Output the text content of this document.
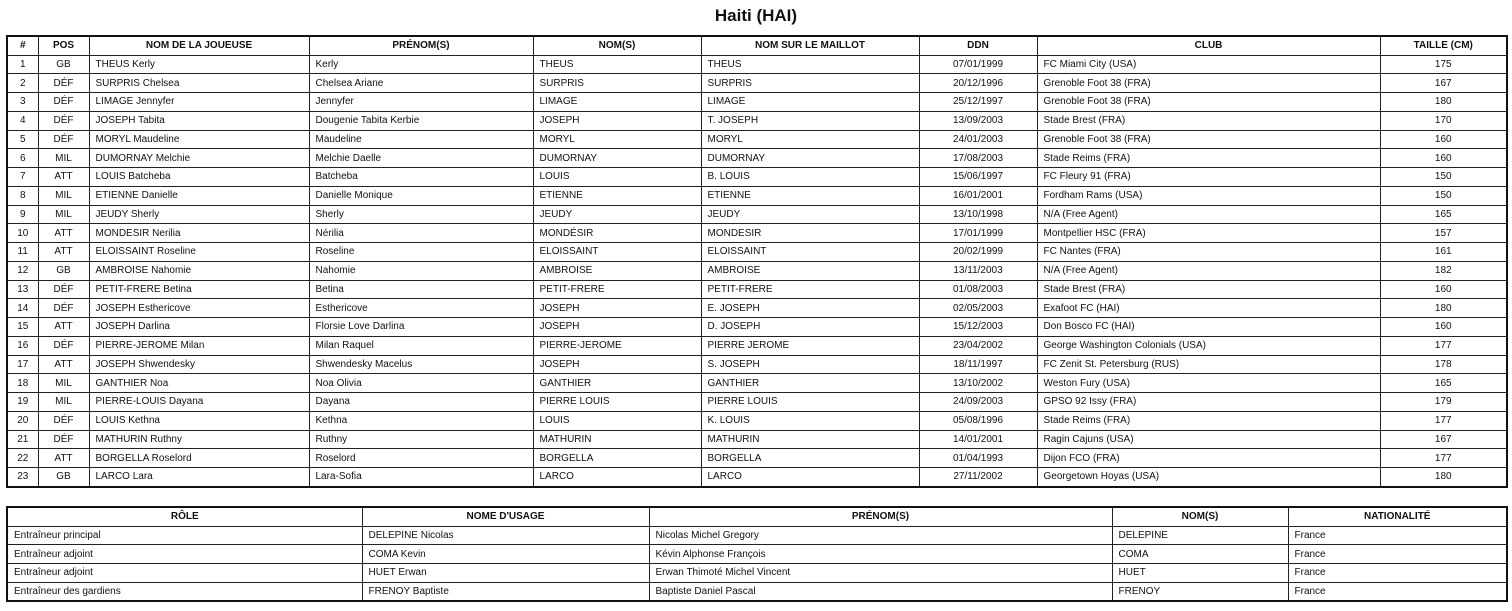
Haiti (HAI)
#	POS	NOM DE LA JOUEUSE	PRÉNOM(S)	NOM(S)	NOM SUR LE MAILLOT	DDN	CLUB	TAILLE (CM)
1	GB	THEUS Kerly	Kerly	THEUS	THEUS	07/01/1999	FC Miami City (USA)	175
2	DÉF	SURPRIS Chelsea	Chelsea Ariane	SURPRIS	SURPRIS	20/12/1996	Grenoble Foot 38 (FRA)	167
3	DÉF	LIMAGE Jennyfer	Jennyfer	LIMAGE	LIMAGE	25/12/1997	Grenoble Foot 38 (FRA)	180
4	DÉF	JOSEPH Tabita	Dougenie Tabita Kerbie	JOSEPH	T. JOSEPH	13/09/2003	Stade Brest (FRA)	170
5	DÉF	MORYL Maudeline	Maudeline	MORYL	MORYL	24/01/2003	Grenoble Foot 38 (FRA)	160
6	MIL	DUMORNAY Melchie	Melchie Daelle	DUMORNAY	DUMORNAY	17/08/2003	Stade Reims (FRA)	160
7	ATT	LOUIS Batcheba	Batcheba	LOUIS	B. LOUIS	15/06/1997	FC Fleury 91 (FRA)	150
8	MIL	ETIENNE Danielle	Danielle Monique	ETIENNE	ETIENNE	16/01/2001	Fordham Rams (USA)	150
9	MIL	JEUDY Sherly	Sherly	JEUDY	JEUDY	13/10/1998	N/A (Free Agent)	165
10	ATT	MONDESIR Nerilia	Nérilia	MONDÉSIR	MONDESIR	17/01/1999	Montpellier HSC (FRA)	157
11	ATT	ELOISSAINT Roseline	Roseline	ELOISSAINT	ELOISSAINT	20/02/1999	FC Nantes (FRA)	161
12	GB	AMBROISE Nahomie	Nahomie	AMBROISE	AMBROISE	13/11/2003	N/A (Free Agent)	182
13	DÉF	PETIT-FRERE Betina	Betina	PETIT-FRERE	PETIT-FRERE	01/08/2003	Stade Brest (FRA)	160
14	DÉF	JOSEPH Esthericove	Esthericove	JOSEPH	E. JOSEPH	02/05/2003	Exafoot FC (HAI)	180
15	ATT	JOSEPH Darlina	Florsie Love Darlina	JOSEPH	D. JOSEPH	15/12/2003	Don Bosco FC (HAI)	160
16	DÉF	PIERRE-JEROME Milan	Milan Raquel	PIERRE-JEROME	PIERRE JEROME	23/04/2002	George Washington Colonials (USA)	177
17	ATT	JOSEPH Shwendesky	Shwendesky Macelus	JOSEPH	S. JOSEPH	18/11/1997	FC Zenit St. Petersburg (RUS)	178
18	MIL	GANTHIER Noa	Noa Olivia	GANTHIER	GANTHIER	13/10/2002	Weston Fury (USA)	165
19	MIL	PIERRE-LOUIS Dayana	Dayana	PIERRE LOUIS	PIERRE LOUIS	24/09/2003	GPSO 92 Issy (FRA)	179
20	DÉF	LOUIS Kethna	Kethna	LOUIS	K. LOUIS	05/08/1996	Stade Reims (FRA)	177
21	DÉF	MATHURIN Ruthny	Ruthny	MATHURIN	MATHURIN	14/01/2001	Ragin Cajuns (USA)	167
22	ATT	BORGELLA Roselord	Roselord	BORGELLA	BORGELLA	01/04/1993	Dijon FCO (FRA)	177
23	GB	LARCO Lara	Lara-Sofia	LARCO	LARCO	27/11/2002	Georgetown Hoyas (USA)	180
RÔLE	NOME D'USAGE	PRÉNOM(S)	NOM(S)	NATIONALITÉ
Entraîneur principal	DELEPINE Nicolas	Nicolas Michel Gregory	DELEPINE	France
Entraîneur adjoint	COMA Kevin	Kévin Alphonse François	COMA	France
Entraîneur adjoint	HUET Erwan	Erwan Thimoté Michel Vincent	HUET	France
Entraîneur des gardiens	FRENOY Baptiste	Baptiste Daniel Pascal	FRENOY	France
